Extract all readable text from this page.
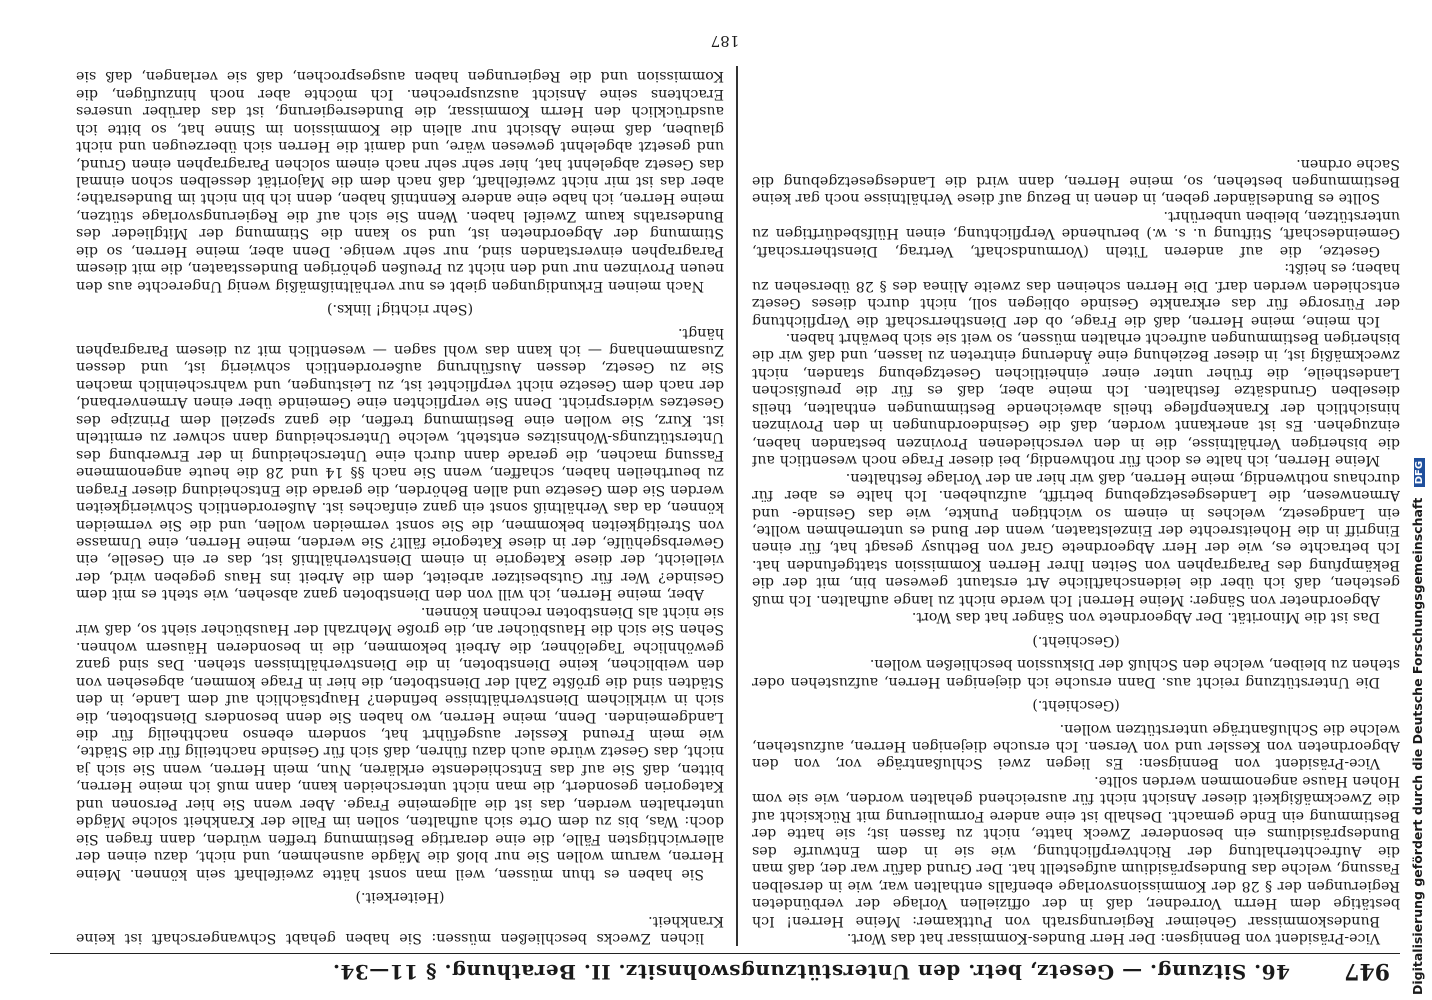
947
46. Sitzung. — Gesetz, betr. den Unterstützungswohnsitz. II. Berathung. § 11—34.

Vice-Präsident von Bennigsen: Der Herr Bundes-Kommissar hat das Wort.

Bundeskommissar Geheimer Regierungsrath von Puttkamer: Meine Herren! Ich bestätige dem Herrn Vorredner, daß in der offiziellen Vorlage der verbündeten Regierungen der § 28 der Kommissionsvorlage ebenfalls enthalten war, wie in derselben Fassung, welche das Bundespräsidium aufgestellt hat. Der Grund dafür war der, daß man die Aufrechterhaltung der Richtverpflichtung, wie sie in dem Entwurfe des Bundespräsidiums ein besonderer Zweck hatte, nicht zu fassen ist; sie hatte der Bestimmung ein Ende gemacht. Deshalb ist eine andere Formulierung mit Rücksicht auf die Zweckmäßigkeit dieser Ansicht nicht für ausreichend gehalten worden, wie sie vom Hohen Hause angenommen werden sollte.

Vice-Präsident von Bennigsen: Es liegen zwei Schlußanträge vor, von den Abgeordneten von Kessler und von Versen. Ich ersuche diejenigen Herren, aufzustehen, welche die Schlußanträge unterstützen wollen.

(Geschieht.)

Die Unterstützung reicht aus. Dann ersuche ich diejenigen Herren, aufzustehen oder stehen zu bleiben, welche den Schluß der Diskussion beschließen wollen.

(Geschieht.)

Das ist die Minorität. Der Abgeordnete von Sänger hat das Wort.

Abgeordneter von Sänger: Meine Herren! Ich werde nicht zu lange aufhalten. Ich muß gestehen, daß ich über die leidenschaftliche Art erstaunt gewesen bin, mit der die Bekämpfung des Paragraphen von Seiten Ihrer Herren Kommission stattgefunden hat. Ich betrachte es, wie der Herr Abgeordnete Graf von Bethusy gesagt hat, für einen Eingriff in die Hoheitsrechte der Einzelstaaten, wenn der Bund es unternehmen wollte, ein Landgesetz, welches in einem so wichtigen Punkte, wie das Gesinde- und Armenwesen, die Landesgesetzgebung betrifft, aufzuheben. Ich halte es aber für durchaus nothwendig, meine Herren, daß wir hier an der Vorlage festhalten.

Meine Herren, ich halte es doch für nothwendig, bei dieser Frage noch wesentlich auf die bisherigen Verhältnisse, die in den verschiedenen Provinzen bestanden haben, einzugehen. Es ist anerkannt worden, daß die Gesindeordnungen in den Provinzen hinsichtlich der Krankenpflege theils abweichende Bestimmungen enthalten, theils dieselben Grundsätze festhalten. Ich meine aber, daß es für die preußischen Landestheile, die früher unter einer einheitlichen Gesetzgebung standen, nicht zweckmäßig ist, in dieser Beziehung eine Änderung eintreten zu lassen, und daß wir die bisherigen Bestimmungen aufrecht erhalten müssen, so weit sie sich bewährt haben.

Ich meine, meine Herren, daß die Frage, ob der Dienstherrschaft die Verpflichtung der Fürsorge für das erkrankte Gesinde obliegen soll, nicht durch dieses Gesetz entschieden werden darf. Die Herren scheinen das zweite Alinea des § 28 übersehen zu haben; es heißt:

Gesetze, die auf anderen Titeln (Vormundschaft, Vertrag, Dienstherrschaft, Gemeindeschaft, Stiftung u. s. w.) beruhende Verpflichtung, einen Hülfsbedürftigen zu unterstützen, bleiben unberührt.

Sollte es Bundesländer geben, in denen in Bezug auf diese Verhältnisse noch gar keine Bestimmungen bestehen, so, meine Herren, dann wird die Landesgesetzgebung die Sache ordnen.

lichen Zwecks beschließen müssen: Sie haben gehabt Schwangerschaft ist keine Krankheit.

(Heiterkeit.)

Sie haben es thun müssen, weil man sonst hätte zweifelhaft sein können. Meine Herren, warum wollen Sie nur bloß die Mägde ausnehmen, und nicht, dazu einen der allerwichtigsten Fälle, die eine derartige Bestimmung treffen würden, dann fragen Sie doch: Was, bis zu dem Orte sich aufhalten, sollen im Falle der Krankheit solche Mägde unterhalten werden, das ist die allgemeine Frage. Aber wenn Sie hier Personen und Kategorien gesondert, die man nicht unterscheiden kann, dann muß ich meine Herren, bitten, daß Sie auf das Entschiedenste erklären, Nun, mein Herren, wenn Sie sich ja nicht, das Gesetz würde auch dazu führen, daß sich für Gesinde nachteilig für die Städte, wie mein Freund Kessler ausgeführt hat, sondern ebenso nachtheilig für die Landgemeinden. Denn, meine Herren, wo haben Sie denn besonders Dienstboten, die sich in wirklichem Dienstverhältnisse befinden? Hauptsächlich auf dem Lande, in den Städten sind die größte Zahl der Dienstboten, die hier in Frage kommen, abgesehen von den weiblichen, keine Dienstboten, in die Dienstverhältnissen stehen. Das sind ganz gewöhnliche Tagelöhner, die Arbeit bekommen, die in besonderen Häusern wohnen. Sehen Sie sich die Hausbücher an, die große Mehrzahl der Hausbücher sieht so, daß wir sie nicht als Dienstboten rechnen können.

Aber, meine Herren, ich will von den Dienstboten ganz absehen, wie steht es mit dem Gesinde? Wer für Gutsbesitzer arbeitet, dem die Arbeit ins Haus gegeben wird, der vielleicht, der diese Kategorie in einem Dienstverhältniß ist, das er ein Geselle, ein Gewerbsgehülfe, der in diese Kategorie fällt? Sie werden, meine Herren, eine Unmasse von Streitigkeiten bekommen, die Sie sonst vermeiden wollen, und die Sie vermeiden können, da das Verhältniß sonst ein ganz einfaches ist. Außerordentlich Schwierigkeiten werden Sie dem Gesetze und allen Behörden, die gerade die Entscheidung dieser Fragen zu beurtheilen haben, schaffen, wenn Sie nach §§ 14 und 28 die heute angenommene Fassung machen, die gerade dann durch eine Unterscheidung in der Erwerbung des Unterstützungs-Wohnsitzes entsteht, welche Unterscheidung dann schwer zu ermitteln ist. Kurz, Sie wollen eine Bestimmung treffen, die ganz speziell dem Prinzipe des Gesetzes widerspricht. Denn Sie verpflichten eine Gemeinde über einen Armenverband, der nach dem Gesetze nicht verpflichtet ist, zu Leistungen, und wahrscheinlich machen Sie zu Gesetz, dessen Ausführung außerordentlich schwierig ist, und dessen Zusammenhang — ich kann das wohl sagen — wesentlich mit zu diesem Paragraphen hängt.

(Sehr richtig! links.)

Nach meinen Erkundigungen giebt es nur verhältnißmäßig wenig Ungerechte aus den neuen Provinzen nur und den nicht zu Preußen gehörigen Bundesstaaten, die mit diesem Paragraphen einverstanden sind, nur sehr wenige. Denn aber, meine Herren, so die Stimmung der Abgeordneten ist, und so kann die Stimmung der Mitglieder des Bundesraths kaum Zweifel haben. Wenn Sie sich auf die Regierungsvorlage stützen, meine Herren, ich habe eine andere Kenntniß haben, denn ich bin nicht im Bundesrathe; aber das ist mir nicht zweifelhaft, daß nach dem die Majorität desselben schon einmal das Gesetz abgelehnt hat, hier sehr sehr nach einem solchen Paragraphen einen Grund, und gesetzt abgelehnt gewesen wäre, und damit die Herren sich überzeugen und nicht glauben, daß meine Absicht nur allein die Kommission im Sinne hat, so bitte ich ausdrücklich den Herrn Kommissar, die Bundesregierung, ist das darüber unseres Erachtens seine Ansicht auszusprechen. Ich möchte aber noch hinzufügen, die Kommission und die Regierungen haben ausgesprochen, daß sie verlangen, daß sie

187
Digitalisierung gefördert durch die Deutsche Forschungsgemeinschaft DFG
